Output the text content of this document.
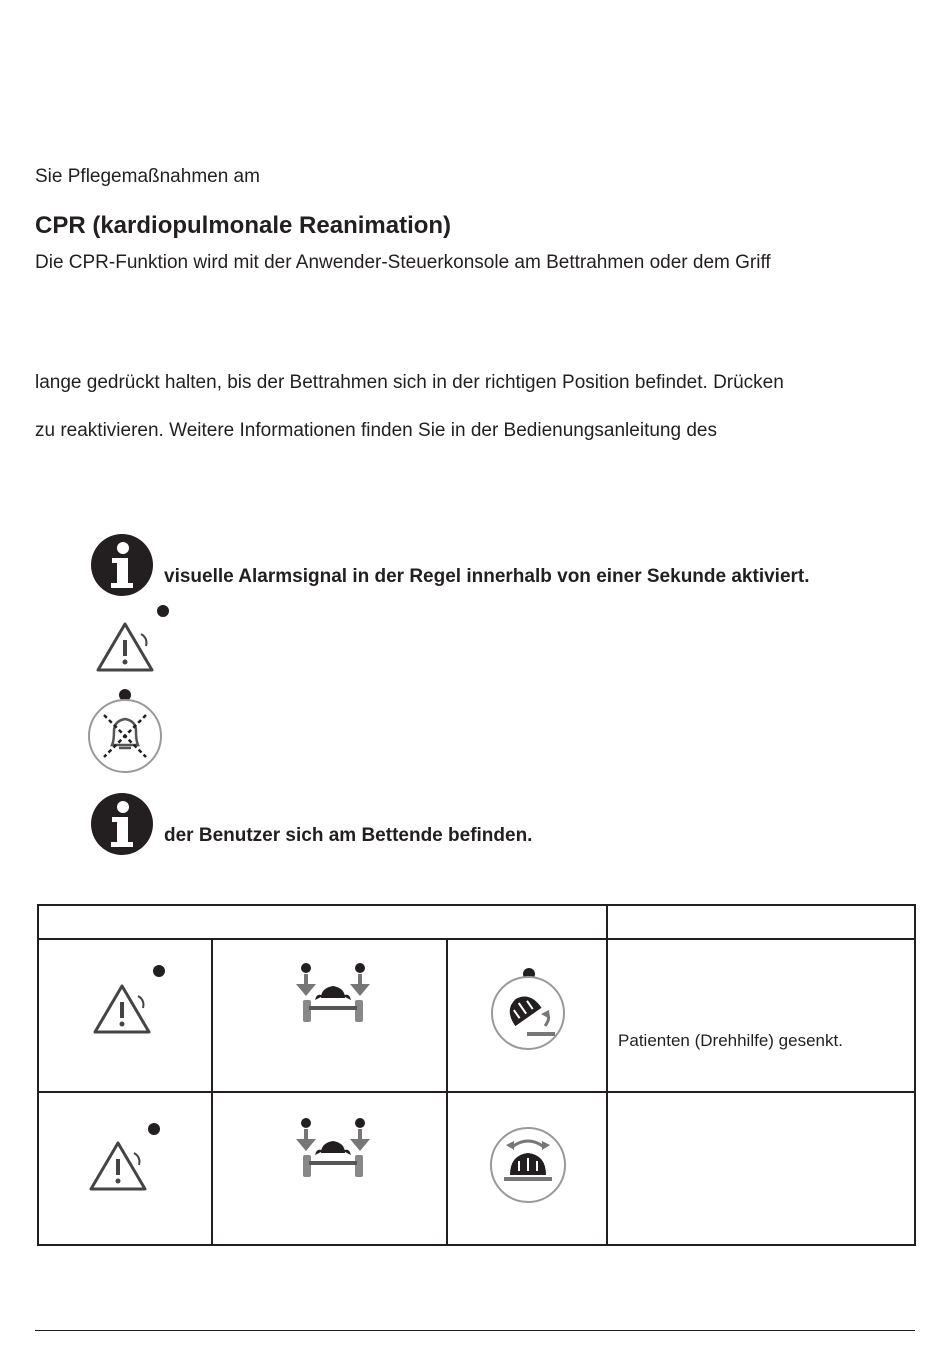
Sie Pflegemaßnahmen am
CPR (kardiopulmonale Reanimation)
Die CPR-Funktion wird mit der Anwender-Steuerkonsole am Bettrahmen oder dem Griff
lange gedrückt halten, bis der Bettrahmen sich in der richtigen Position befindet. Drücken
zu reaktivieren. Weitere Informationen finden Sie in der Bedienungsanleitung des
visuelle Alarmsignal in der Regel innerhalb von einer Sekunde aktiviert.
der Benutzer sich am Bettende befinden.

Patienten (Drehhilfe) gesenkt.
